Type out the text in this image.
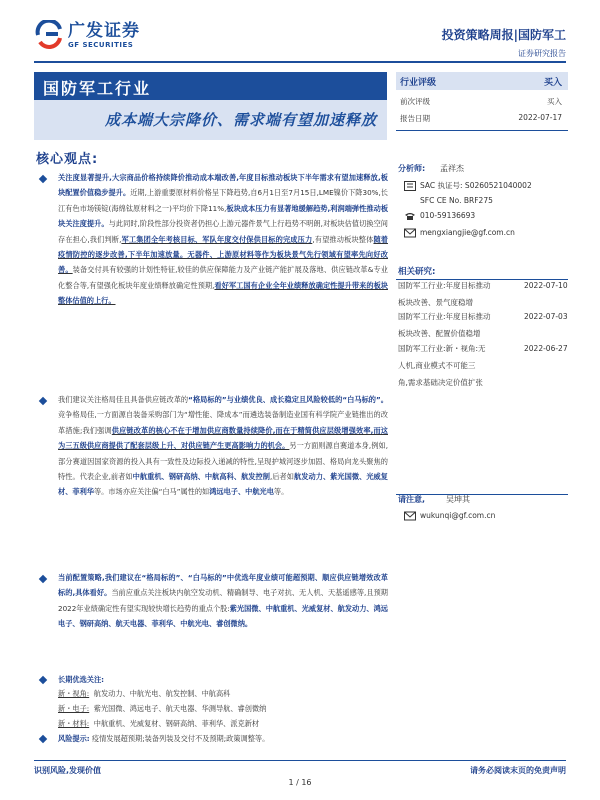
广发证券
GF SECURITIES
投资策略周报|国防军工
证券研究报告
国防军工行业
成本端大宗降价、需求端有望加速释放
行业评级	买入
前次评级	买入
报告日期	2022-07-17
分析师: 孟祥杰
SAC 执证号: S0260521040002
SFC CE No. BRF275
010-59136693
mengxiangjie@gf.com.cn
相关研究:
国防军工行业:年度目标推动
板块改善、景气度稳增
2022-07-10
国防军工行业:年度目标推动
板块改善、配置价值稳增
2022-07-03
国防军工行业:新・视角:无
人机,商业模式不可能三
角,需求基础决定价值扩张
2022-06-27
请注意,	吴坤其
wukunqi@gf.com.cn
核心观点:
关注度显著提升,大宗商品价格持续降价推动成本端改善,年度目标推动板块下半年需求有望加速释放,板块配置价值稳步提升。近期,上游重要原材料价格呈下降趋势,自6月1日至7月15日,LME镍价下降30%,长江有色市场镁锭(海绵钛原材料之一)平均价下降11%,板块成本压力有显著地缓解趋势,利润端弹性推动板块关注度提升。与此同时,阶段性部分投资者仍担心上游元器件景气上行趋势不明朗,对板块估值切换空间存在担心,我们判断,军工集团全年考核目标、军队年度交付保供目标的完成压力,有望推动板块整体随着疫情防控的逐步改善,下半年加速放量。无器件、上游原材料等作为板块景气先行领域有望率先向好改善。装备交付具有较强的计划性特征,较佳的供应保障能力及产业链产能扩展及落地、供应链改革&专业化整合等,有望强化板块年度业绩释放确定性预期,看好军工国有企业全年业绩释放确定性提升带来的板块整体估值的上行。
我们建议关注格局佳且具备供应链改革的“格局标的”与业绩优良、成长稳定且风险较低的“白马标的”。竞争格局佳,一方面源自装备采购部门为“增性能、降成本”而遴选装备制造业国有科学院产业链推出的改革措施;我们强调供应链改革的核心不在于增加供应商数量持续降价,而在于精简供应层级增强效率,而这为三五级供应商提供了配套层级上升、对供应链产生更高影响力的机会。另一方面则源自赛道本身,例如,部分赛道因国家资源的投入具有一致性及边际投入递减的特性,呈现护城河逐步加固、格局向龙头聚焦的特性。代表企业,前者如中航重机、钢研高纳、中航高科、航发控制,后者如航发动力、紫光国微、光威复材、菲利华等。市场亦应关注偏“白马”属性的如鸿远电子、中航光电等。
当前配置策略,我们建议在“格局标的”、“白马标的”中优选年度业绩可能超预期、顺应供应链增效改革标的,具体看好。当前应重点关注板块内航空发动机、精确制导、电子对抗、无人机、天基遥感等,且预期2022年业绩确定性有望实现较快增长趋势的重点个股:紫光国微、中航重机、光威复材、航发动力、鸿远电子、钢研高纳、航天电器、菲利华、中航光电、睿创微纳。
长期优选关注:
新・视角: 航发动力、中航光电、航发控制、中航高科
新・电子: 紫光国微、鸿远电子、航天电器、华测导航、睿创微纳
新・材料: 中航重机、光威复材、钢研高纳、菲利华、派克新材
风险提示: 疫情发展超预期;装备列装及交付不及预期;政策调整等。
识别风险,发现价值	请务必阅读末页的免责声明
1 / 16
